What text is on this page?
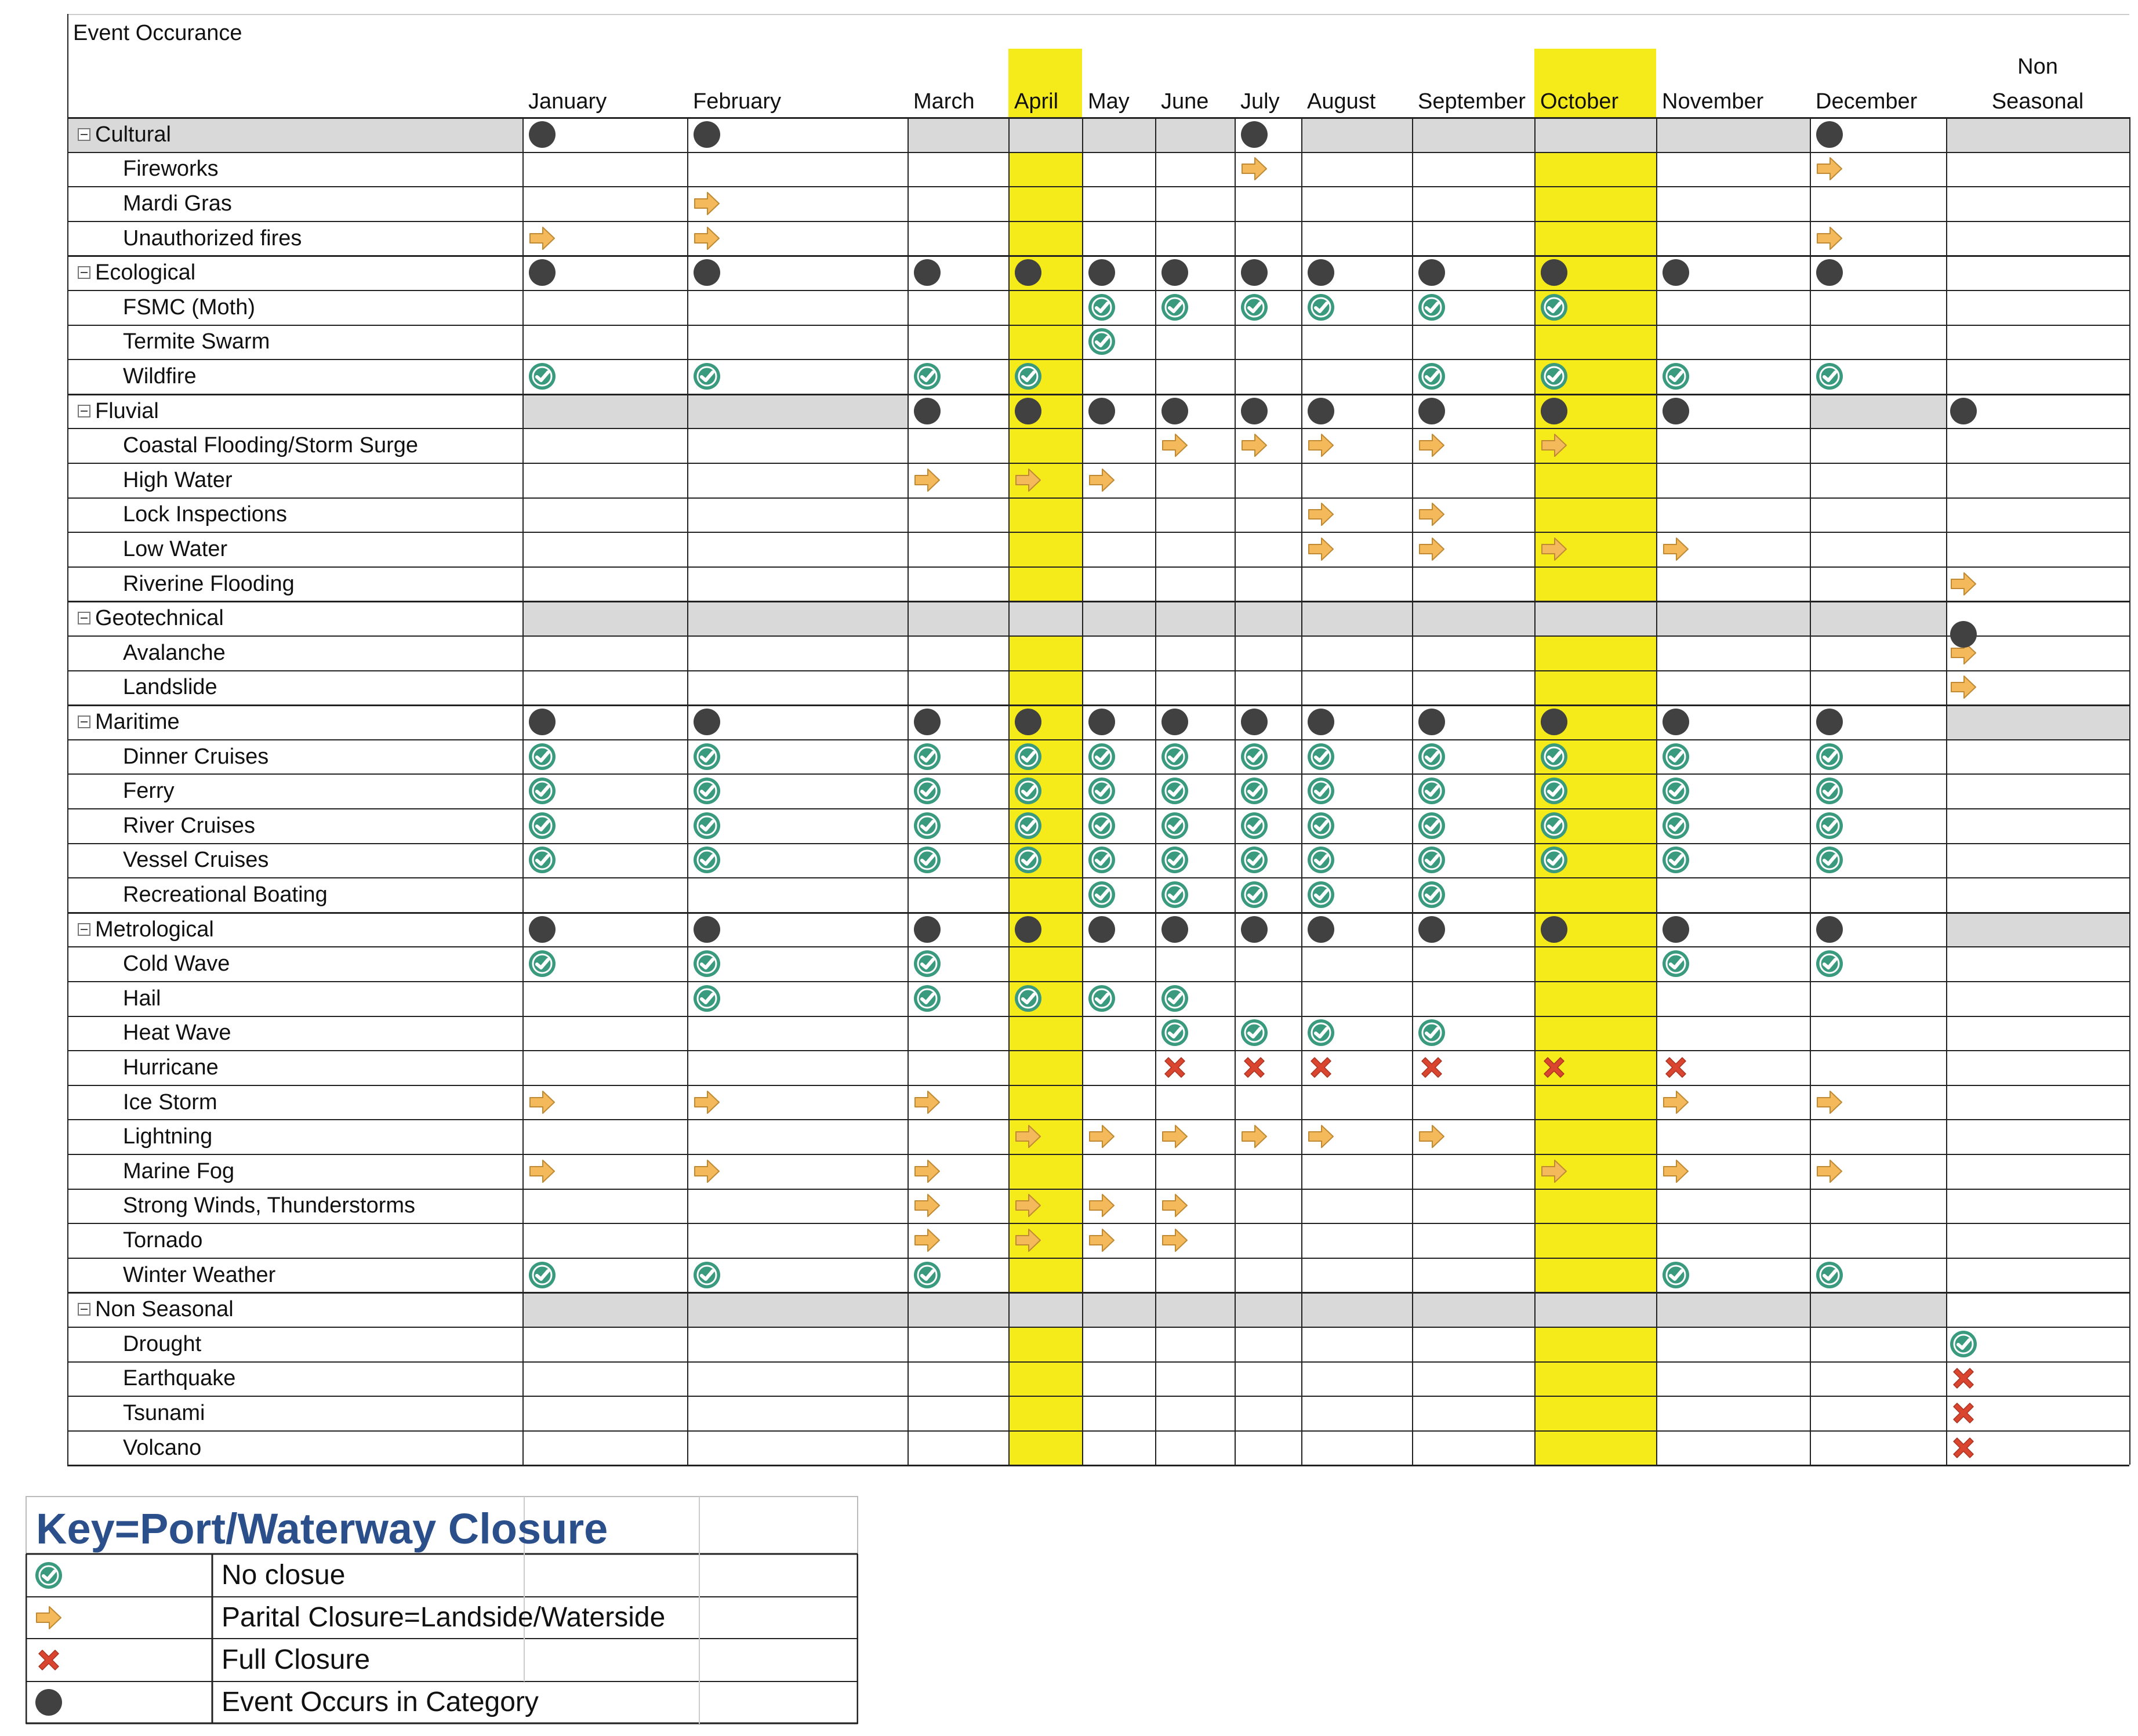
Event Occurance
January	February	March April May June July August September October November December
Non
Seasonal
Cultural
Fireworks
Mardi Gras
Unauthorized fires
Ecological
FSMC (Moth)
Termite Swarm
Wildfire
Fluvial
Coastal Flooding/Storm Surge
High Water
Lock Inspections
Low Water
Riverine Flooding
Geotechnical
Avalanche
Landslide
Maritime
Dinner Cruises
Ferry
River Cruises
Vessel Cruises
Recreational Boating
Metrological
Cold Wave
Hail
Heat Wave
Hurricane
Ice Storm
Lightning
Marine Fog
Strong Winds, Thunderstorms
Tornado
Winter Weather
Non Seasonal
Drought
Earthquake
Tsunami
Volcano
Key=Port/Waterway Closure
No closue
Parital Closure=Landside/Waterside
Full Closure
Event Occurs in Category
